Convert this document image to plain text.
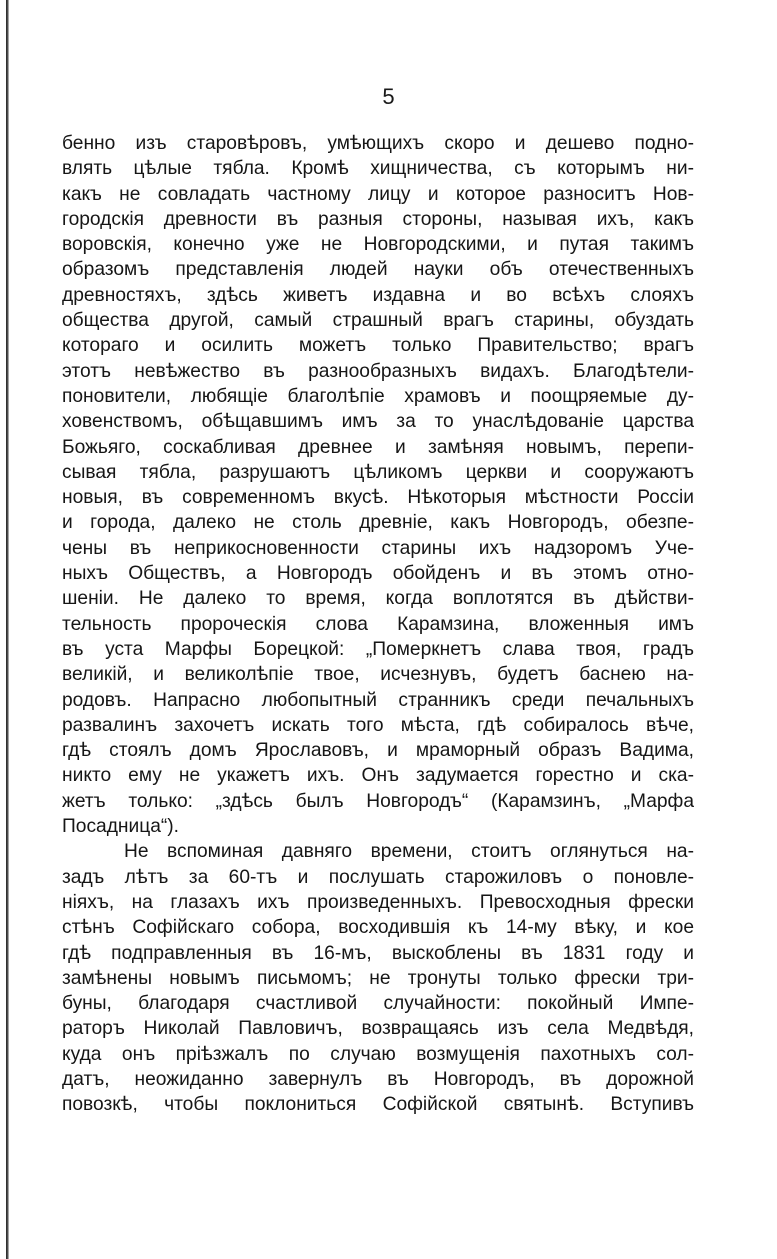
5
бенно изъ старовѣровъ, умѣющихъ скоро и дешево подно-
влять цѣлые тябла. Кромѣ хищничества, съ которымъ ни-
какъ не совладать частному лицу и которое разноситъ Нов-
городскія древности въ разныя стороны, называя ихъ, какъ
воровскія, конечно уже не Новгородскими, и путая такимъ
образомъ представленія людей науки объ отечественныхъ
древностяхъ, здѣсь живетъ издавна и во всѣхъ слояхъ
общества другой, самый страшный врагъ старины, обуздать
котораго и осилить можетъ только Правительство; врагъ
этотъ невѣжество въ разнообразныхъ видахъ. Благодѣтели-
поновители, любящіе благолѣпіе храмовъ и поощряемые ду-
ховенствомъ, обѣщавшимъ имъ за то унаслѣдованіе царства
Божьяго, соскабливая древнее и замѣняя новымъ, перепи-
сывая тябла, разрушаютъ цѣликомъ церкви и сооружаютъ
новыя, въ современномъ вкусѣ. Нѣкоторыя мѣстности Россіи
и города, далеко не столь древніе, какъ Новгородъ, обезпе-
чены въ неприкосновенности старины ихъ надзоромъ Уче-
ныхъ Обществъ, а Новгородъ обойденъ и въ этомъ отно-
шеніи. Не далеко то время, когда воплотятся въ дѣйстви-
тельность пророческія слова Карамзина, вложенныя имъ
въ уста Марфы Борецкой: „Померкнетъ слава твоя, градъ
великій, и великолѣпіе твое, исчезнувъ, будетъ баснею на-
родовъ. Напрасно любопытный странникъ среди печальныхъ
развалинъ захочетъ искать того мѣста, гдѣ собиралось вѣче,
гдѣ стоялъ домъ Ярославовъ, и мраморный образъ Вадима,
никто ему не укажетъ ихъ. Онъ задумается горестно и ска-
жетъ только: „здѣсь былъ Новгородъ“ (Карамзинъ, „Марфа
Посадница“).
Не вспоминая давняго времени, стоитъ оглянуться на-
задъ лѣтъ за 60-тъ и послушать старожиловъ о поновле-
ніяхъ, на глазахъ ихъ произведенныхъ. Превосходныя фрески
стѣнъ Софійскаго собора, восходившія къ 14-му вѣку, и кое
гдѣ подправленныя въ 16-мъ, выскоблены въ 1831 году и
замѣнены новымъ письмомъ; не тронуты только фрески три-
буны, благодаря счастливой случайности: покойный Импе-
раторъ Николай Павловичъ, возвращаясь изъ села Медвѣдя,
куда онъ пріѣзжалъ по случаю возмущенія пахотныхъ сол-
датъ, неожиданно завернулъ въ Новгородъ, въ дорожной
повозкѣ, чтобы поклониться Софійской святынѣ. Вступивъ
